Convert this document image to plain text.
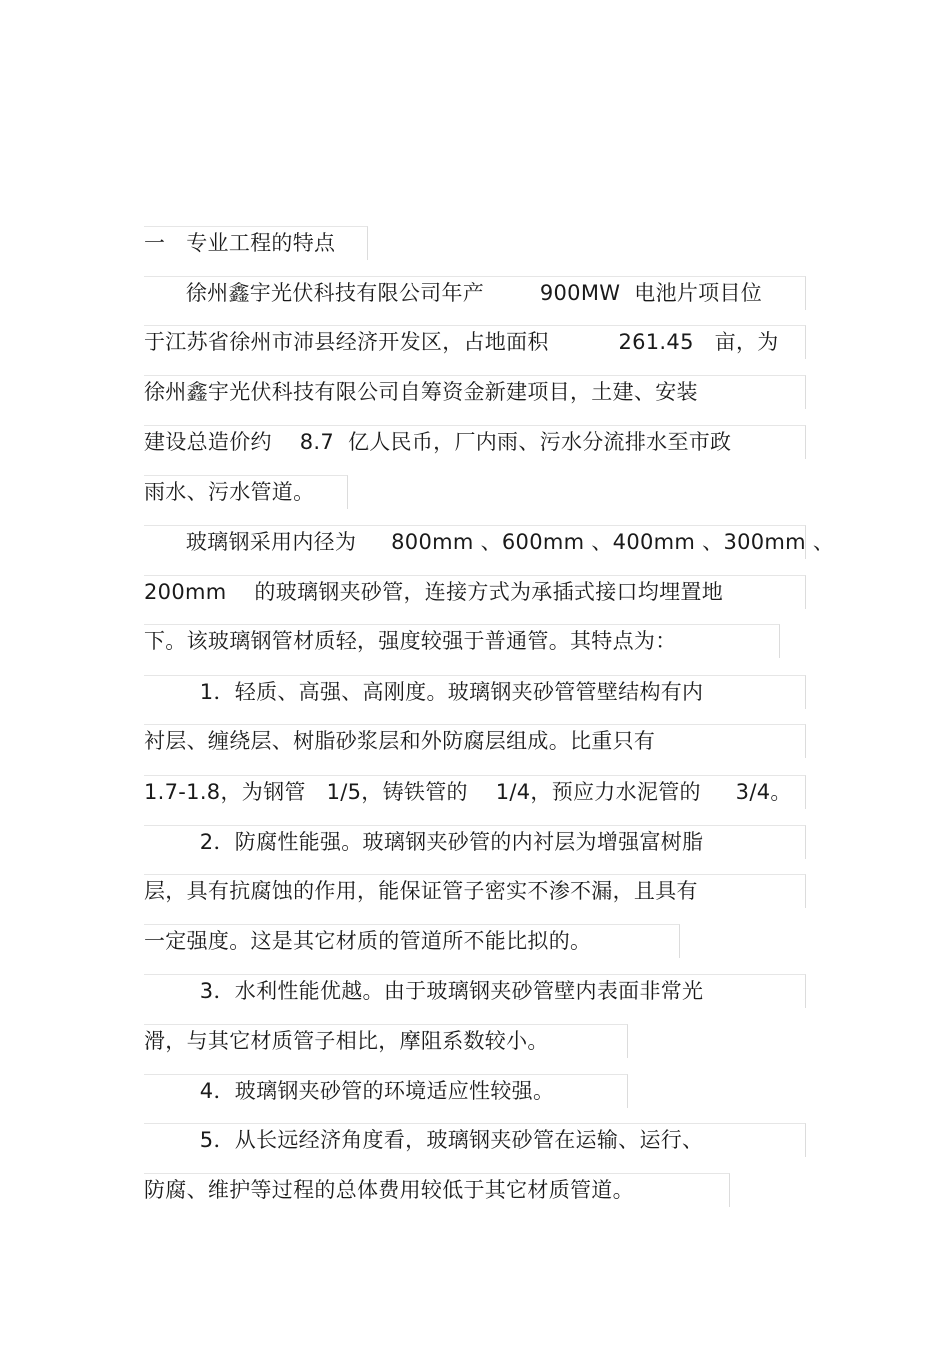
一   专业工程的特点
徐州鑫宇光伏科技有限公司年产        900MW  电池片项目位
于江苏省徐州市沛县经济开发区，占地面积          261.45   亩，为
徐州鑫宇光伏科技有限公司自筹资金新建项目，土建、安装
建设总造价约    8.7  亿人民币，厂内雨、污水分流排水至市政
雨水、污水管道。
玻璃钢采用内径为     800mm 、600mm 、400mm 、300mm 、
200mm    的玻璃钢夹砂管，连接方式为承插式接口均埋置地
下。该玻璃钢管材质轻，强度较强于普通管。其特点为：
1．轻质、高强、高刚度。玻璃钢夹砂管管壁结构有内
衬层、缠绕层、树脂砂浆层和外防腐层组成。比重只有
1.7-1.8，为钢管   1/5，铸铁管的    1/4，预应力水泥管的     3/4。
2．防腐性能强。玻璃钢夹砂管的内衬层为增强富树脂
层，具有抗腐蚀的作用，能保证管子密实不渗不漏，且具有
一定强度。这是其它材质的管道所不能比拟的。
3．水利性能优越。由于玻璃钢夹砂管壁内表面非常光
滑，与其它材质管子相比，摩阻系数较小。
4．玻璃钢夹砂管的环境适应性较强。
5．从长远经济角度看，玻璃钢夹砂管在运输、运行、
防腐、维护等过程的总体费用较低于其它材质管道。
